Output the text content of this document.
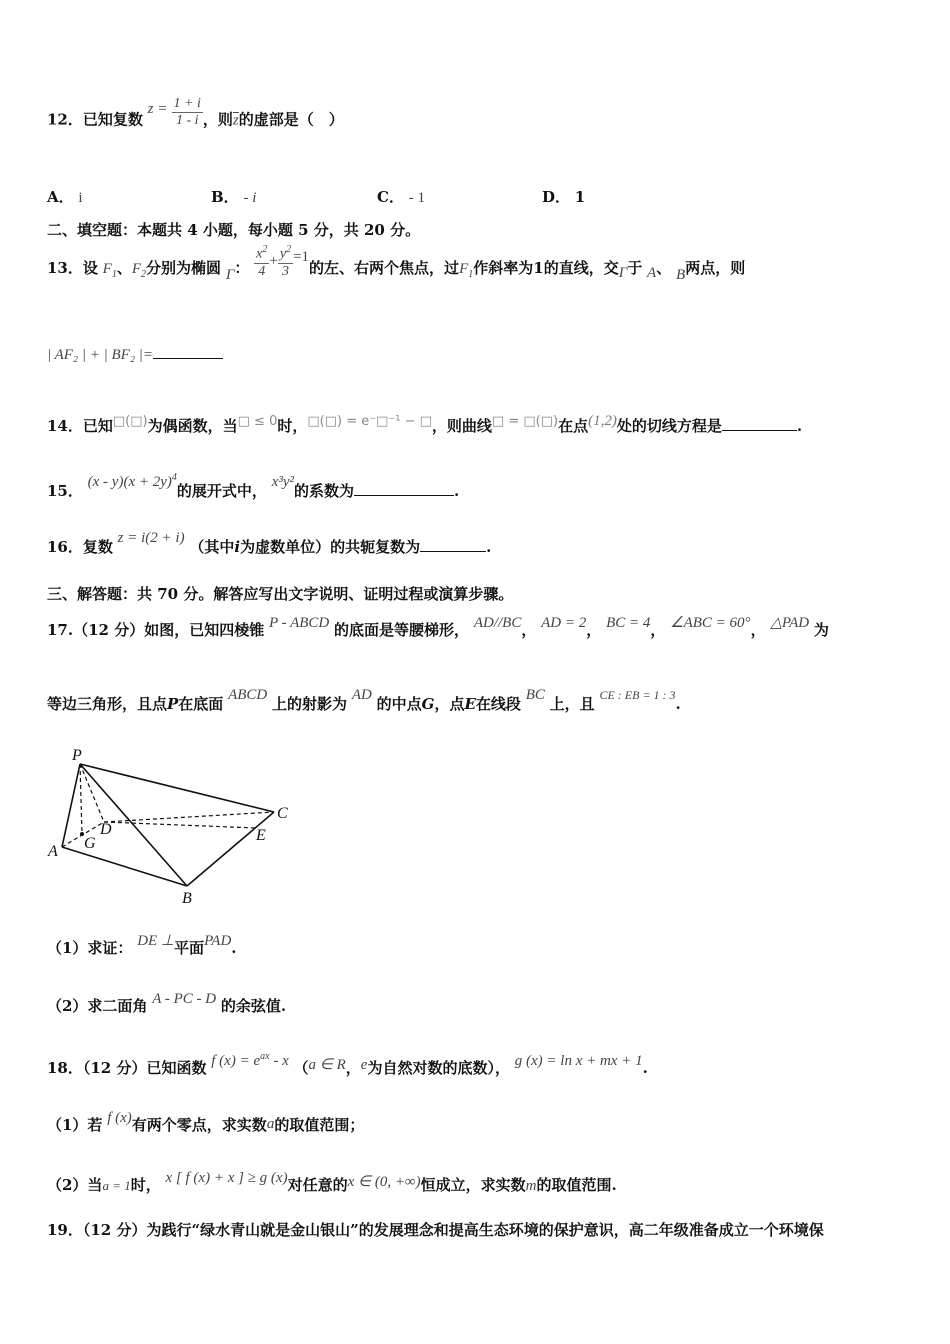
12．已知复数 $z = \frac{1 + i}{1 - i}$ ，则$\overline{z}$的虚部是（　）
A． i	B． - i	C． - 1	D． 1
二、填空题：本题共 4 小题，每小题 5 分，共 20 分。
13．设 $F_1$、$F_2$分别为椭圆 Γ： $\frac{x^2}{4} + \frac{y^2}{3} =1$的左、右两个焦点，过$F_1$作斜率为1的直线，交Γ于 A、 B两点，则
| AF₂ | + | BF₂ |=
14．已知□(□)为偶函数，当□ ≤ 0时，□(□) = e⁻□⁻¹ − □，则曲线□ = □(□)在点(1,2)处的切线方程是	.
15． $(x - y)(x + 2y)^4$的展开式中， x³y²的系数为	.
16．复数 z = i(2 + i) （其中i为虚数单位）的共轭复数为	.
三、解答题：共 70 分。解答应写出文字说明、证明过程或演算步骤。
17.（12 分）如图，已知四棱锥 P - ABCD 的底面是等腰梯形， AD//BC， AD = 2， BC = 4， ∠ABC = 60°， △PAD 为
等边三角形，且点P在底面 ABCD 上的射影为 AD 的中点G，点E在线段 BC 上，且 $^{CE : EB = 1 : 3}$.
P
D
C
G	E
A
B
（1）求证： DE ⊥平面PAD.
（2）求二面角 A - PC - D 的余弦值.
18．（12 分）已知函数 f $(x) = e^{ax} - x$ （a ∈ R，e为自然对数的底数）， g (x) = ln x + mx + 1.
（1）若 f (x)有两个零点，求实数a的取值范围；
（2）当a = 1时， x [ f (x) + x ] ≥ g (x)对任意的x ∈ (0, +∞)恒成立，求实数m的取值范围.
19．（12 分）为践行“绿水青山就是金山银山”的发展理念和提高生态环境的保护意识，高二年级准备成立一个环境保
